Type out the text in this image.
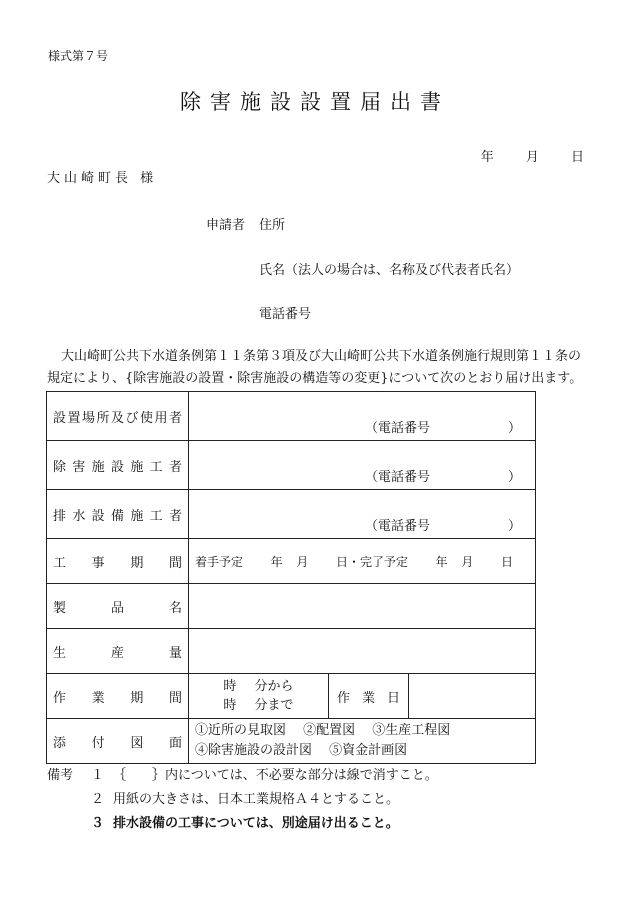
様式第７号
除害施設設置届出書
年 月 日
大山崎町長 様
申請者 住所
氏名（法人の場合は、名称及び代表者氏名）
電話番号
大山崎町公共下水道条例第１１条第３項及び大山崎町公共下水道条例施行規則第１１条の規定により、{除害施設の設置・除害施設の構造等の変更}について次のとおり届け出ます。
設置場所及び使用者	（電話番号 ）		

除害施設施工者	（電話番号 ）		

排水設備施工者	（電話番号 ）		

工事期間	着手予定 年 月 日・完了予定 年 月 日		

製品名			

生産量			

作業期間	時 分から
時 分まで	作業日	

添付図面	①近所の見取図　 ②配置図　 ③生産工程図
④除害施設の設計図　 ⑤資金計画図		
備考	１ ｛　　｝内については、不必要な部分は線で消すこと。
２ 用紙の大きさは、日本工業規格Ａ４とすること。
３ 排水設備の工事については、別途届け出ること。
